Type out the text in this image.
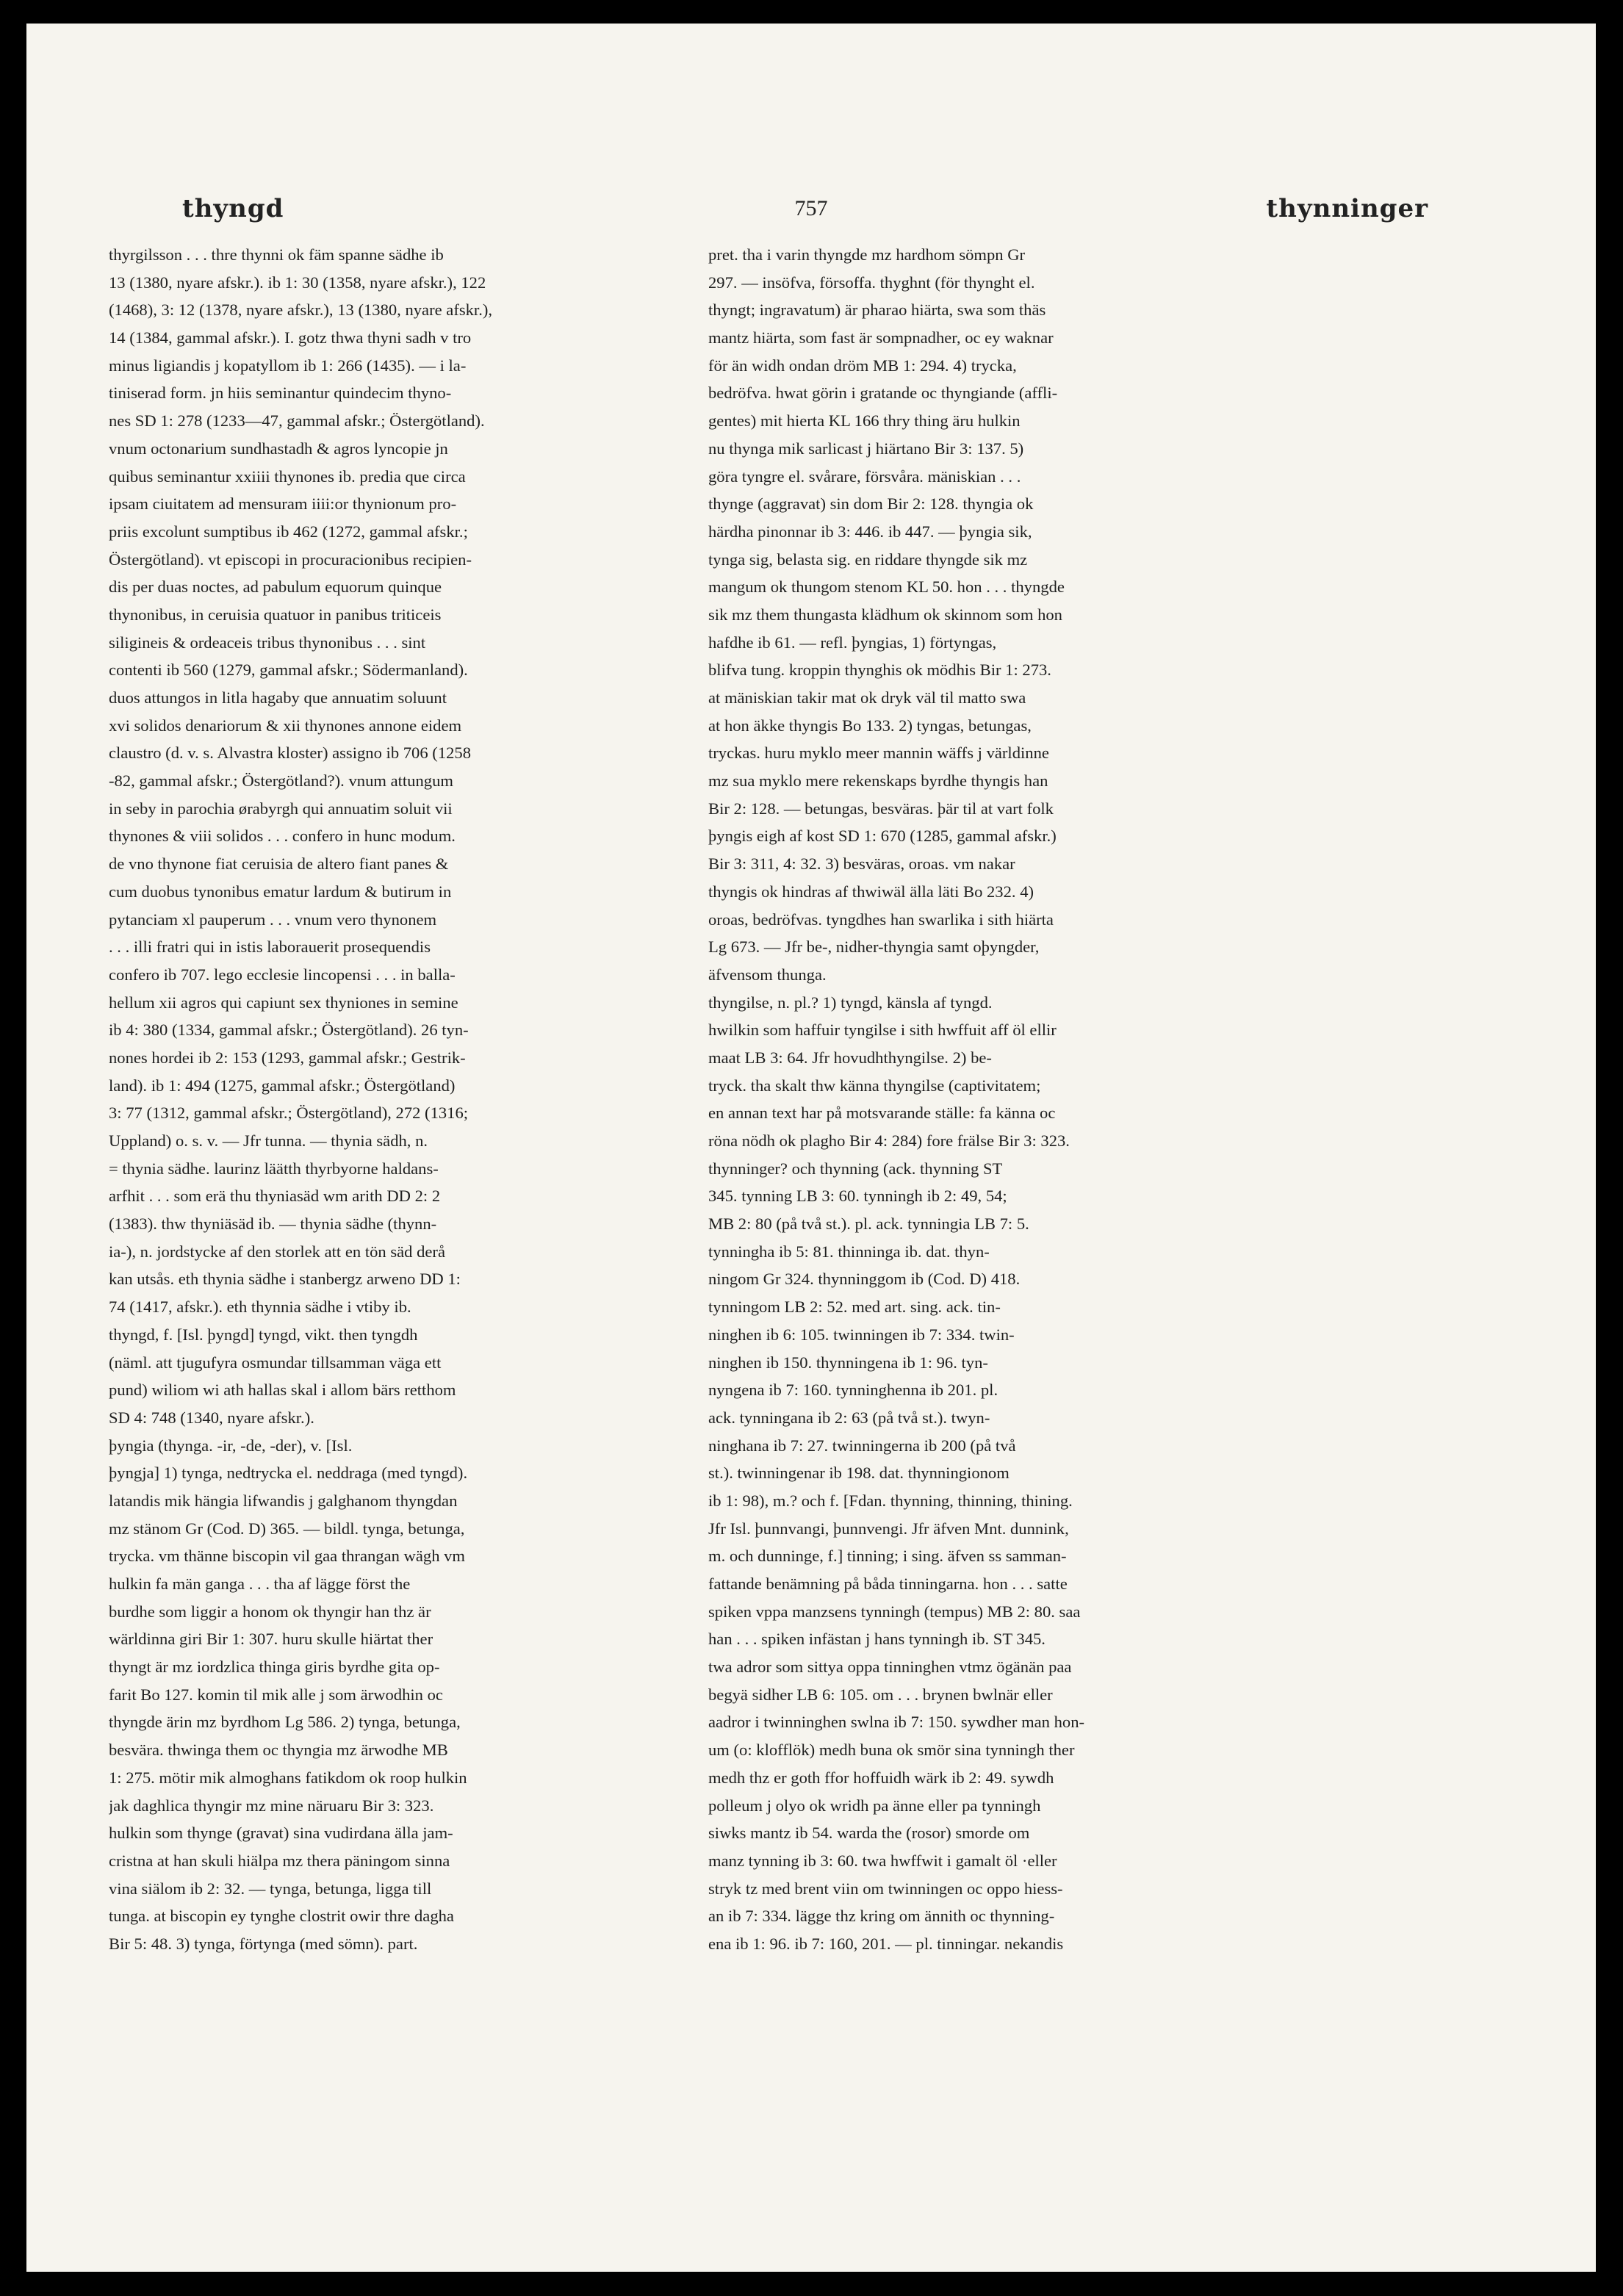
thyngd	757	thynninger
thyrgilsson . . . thre thynni ok fäm spanne sädhe ib
13 (1380, nyare afskr.). ib 1: 30 (1358, nyare afskr.), 122
(1468), 3: 12 (1378, nyare afskr.), 13 (1380, nyare afskr.),
14 (1384, gammal afskr.). I. gotz thwa thyni sadh v tro
minus ligiandis j kopatyllom ib 1: 266 (1435). — i la-
tiniserad form. jn hiis seminantur quindecim thyno-
nes SD 1: 278 (1233—47, gammal afskr.; Östergötland).
vnum octonarium sundhastadh & agros lyncopie jn
quibus seminantur xxiiii thynones ib. predia que circa
ipsam ciuitatem ad mensuram iiii:or thynionum pro-
priis excolunt sumptibus ib 462 (1272, gammal afskr.;
Östergötland). vt episcopi in procuracionibus recipien-
dis per duas noctes, ad pabulum equorum quinque
thynonibus, in ceruisia quatuor in panibus triticeis
siligineis & ordeaceis tribus thynonibus . . . sint
contenti ib 560 (1279, gammal afskr.; Södermanland).
duos attungos in litla hagaby que annuatim soluunt
xvi solidos denariorum & xii thynones annone eidem
claustro (d. v. s. Alvastra kloster) assigno ib 706 (1258
-82, gammal afskr.; Östergötland?). vnum attungum
in seby in parochia ørabyrgh qui annuatim soluit vii
thynones & viii solidos . . . confero in hunc modum.
de vno thynone fiat ceruisia de altero fiant panes &
cum duobus tynonibus ematur lardum & butirum in
pytanciam xl pauperum . . . vnum vero thynonem
. . . illi fratri qui in istis laborauerit prosequendis
confero ib 707. lego ecclesie lincopensi . . . in balla-
hellum xii agros qui capiunt sex thyniones in semine
ib 4: 380 (1334, gammal afskr.; Östergötland). 26 tyn-
nones hordei ib 2: 153 (1293, gammal afskr.; Gestrik-
land). ib 1: 494 (1275, gammal afskr.; Östergötland)
3: 77 (1312, gammal afskr.; Östergötland), 272 (1316;
Uppland) o. s. v. — Jfr tunna. — thynia sädh, n.
= thynia sädhe. laurinz läätth thyrbyorne haldans-
arfhit . . . som erä thu thyniasäd wm arith DD 2: 2
(1383). thw thyniäsäd ib. — thynia sädhe (thynn-
ia-), n. jordstycke af den storlek att en tön säd derå
kan utsås. eth thynia sädhe i stanbergz arweno DD 1:
74 (1417, afskr.). eth thynnia sädhe i vtiby ib.
thyngd, f. [Isl. þyngd] tyngd, vikt. then tyngdh
(näml. att tjugufyra osmundar tillsamman väga ett
pund) wiliom wi ath hallas skal i allom bärs retthom
SD 4: 748 (1340, nyare afskr.).
þyngia (thynga. -ir, -de, -der), v. [Isl.
þyngja] 1) tynga, nedtrycka el. neddraga (med tyngd).
latandis mik hängia lifwandis j galghanom thyngdan
mz stänom Gr (Cod. D) 365. — bildl. tynga, betunga,
trycka. vm thänne biscopin vil gaa thrangan wägh vm
hulkin fa män ganga . . . tha af lägge först the
burdhe som liggir a honom ok thyngir han thz är
wärldinna giri Bir 1: 307. huru skulle hiärtat ther
thyngt är mz iordzlica thinga giris byrdhe gita op-
farit Bo 127. komin til mik alle j som ärwodhin oc
thyngde ärin mz byrdhom Lg 586. 2) tynga, betunga,
besvära. thwinga them oc thyngia mz ärwodhe MB
1: 275. mötir mik almoghans fatikdom ok roop hulkin
jak daghlica thyngir mz mine näruaru Bir 3: 323.
hulkin som thynge (gravat) sina vudirdana älla jam-
cristna at han skuli hiälpa mz thera päningom sinna
vina siälom ib 2: 32. — tynga, betunga, ligga till
tunga. at biscopin ey tynghe clostrit owir thre dagha
Bir 5: 48. 3) tynga, förtynga (med sömn). part.
pret. tha i varin thyngde mz hardhom sömpn Gr
297. — insöfva, försoffa. thyghnt (för thynght el.
thyngt; ingravatum) är pharao hiärta, swa som thäs
mantz hiärta, som fast är sompnadher, oc ey waknar
för än widh ondan dröm MB 1: 294. 4) trycka,
bedröfva. hwat görin i gratande oc thyngiande (affli-
gentes) mit hierta KL 166 thry thing äru hulkin
nu thynga mik sarlicast j hiärtano Bir 3: 137. 5)
göra tyngre el. svårare, försvåra. mäniskian . . .
thynge (aggravat) sin dom Bir 2: 128. thyngia ok
härdha pinonnar ib 3: 446. ib 447. — þyngia sik,
tynga sig, belasta sig. en riddare thyngde sik mz
mangum ok thungom stenom KL 50. hon . . . thyngde
sik mz them thungasta klädhum ok skinnom som hon
hafdhe ib 61. — refl. þyngias, 1) förtyngas,
blifva tung. kroppin thynghis ok mödhis Bir 1: 273.
at mäniskian takir mat ok dryk väl til matto swa
at hon äkke thyngis Bo 133. 2) tyngas, betungas,
tryckas. huru myklo meer mannin wäffs j världinne
mz sua myklo mere rekenskaps byrdhe thyngis han
Bir 2: 128. — betungas, besväras. þär til at vart folk
þyngis eigh af kost SD 1: 670 (1285, gammal afskr.)
Bir 3: 311, 4: 32. 3) besväras, oroas. vm nakar
thyngis ok hindras af thwiwäl älla läti Bo 232. 4)
oroas, bedröfvas. tyngdhes han swarlika i sith hiärta
Lg 673. — Jfr be-, nidher-thyngia samt oþyngder,
äfvensom thunga.
thyngilse, n. pl.? 1) tyngd, känsla af tyngd.
hwilkin som haffuir tyngilse i sith hwffuit aff öl ellir
maat LB 3: 64. Jfr hovudhthyngilse. 2) be-
tryck. tha skalt thw känna thyngilse (captivitatem;
en annan text har på motsvarande ställe: fa känna oc
röna nödh ok plagho Bir 4: 284) fore frälse Bir 3: 323.
thynninger? och thynning (ack. thynning ST
345. tynning LB 3: 60. tynningh ib 2: 49, 54;
MB 2: 80 (på två st.). pl. ack. tynningia LB 7: 5.
tynningha ib 5: 81. thinninga ib. dat. thyn-
ningom Gr 324. thynninggom ib (Cod. D) 418.
tynningom LB 2: 52. med art. sing. ack. tin-
ninghen ib 6: 105. twinningen ib 7: 334. twin-
ninghen ib 150. thynningena ib 1: 96. tyn-
nyngena ib 7: 160. tynninghenna ib 201. pl.
ack. tynningana ib 2: 63 (på två st.). twyn-
ninghana ib 7: 27. twinningerna ib 200 (på två
st.). twinningenar ib 198. dat. thynningionom
ib 1: 98), m.? och f. [Fdan. thynning, thinning, thining.
Jfr Isl. þunnvangi, þunnvengi. Jfr äfven Mnt. dunnink,
m. och dunninge, f.] tinning; i sing. äfven ss samman-
fattande benämning på båda tinningarna. hon . . . satte
spiken vppa manzsens tynningh (tempus) MB 2: 80. saa
han . . . spiken infästan j hans tynningh ib. ST 345.
twa adror som sittya oppa tinninghen vtmz ögänän paa
begyä sidher LB 6: 105. om . . . brynen bwlnär eller
aadror i twinninghen swlna ib 7: 150. sywdher man hon-
um (o: klofflök) medh buna ok smör sina tynningh ther
medh thz er goth ffor hoffuidh wärk ib 2: 49. sywdh
polleum j olyo ok wridh pa änne eller pa tynningh
siwks mantz ib 54. warda the (rosor) smorde om
manz tynning ib 3: 60. twa hwffwit i gamalt öl ·eller
stryk tz med brent viin om twinningen oc oppo hiess-
an ib 7: 334. lägge thz kring om ännith oc thynning-
ena ib 1: 96. ib 7: 160, 201. — pl. tinningar. nekandis
